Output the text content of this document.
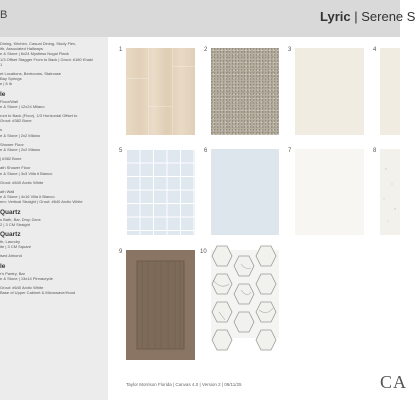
B	Lyric | Serene S
Dining, Kitchen, Casual Dining, Study Flex,
ith, Associated Hallways
e & Stone | 6x24 Mystiess Nogal Plank
1/3 Offset Stagger From to Back | Grout: #180 Khaki
1
et Locations, Bedrooms, Staircase
Bay Springs
e | 6 lb
le
Floor/Wall
e & Stone | 12x24 Milano
ront to Back (Floor), 1/3 Horizontal Offset to
Grout: #382 Bone
s
e & Stone | 2x2 Milano
Shower Floor
e & Stone | 2x2 Milano
| #382 Bone
ath Shower Floor
e & Stone | 3x3 Villa it Bianco
Grout: #640 Arctic White
ath Wall
e & Stone | 4x16 Villa it Bianco
ern: Vertical Straight | Grout: #640 Arctic White
Quartz
s Bath, Bar, Drop Zone
2 | 3 CM Straight
Quartz
th, Laundry
ite | 3 CM Square
ised Almond
le
r's Pantry, Bar
e & Stone | 13x14 Pinnacryde
Grout: #640 Arctic White
Base of Upper Cabinet & Microwave/Hood
1	2	3	4
5	6	7	8
9	10
Taylor Morrison Florida | Canvas 4.0 | Version 2 | 08/11/25	CA
